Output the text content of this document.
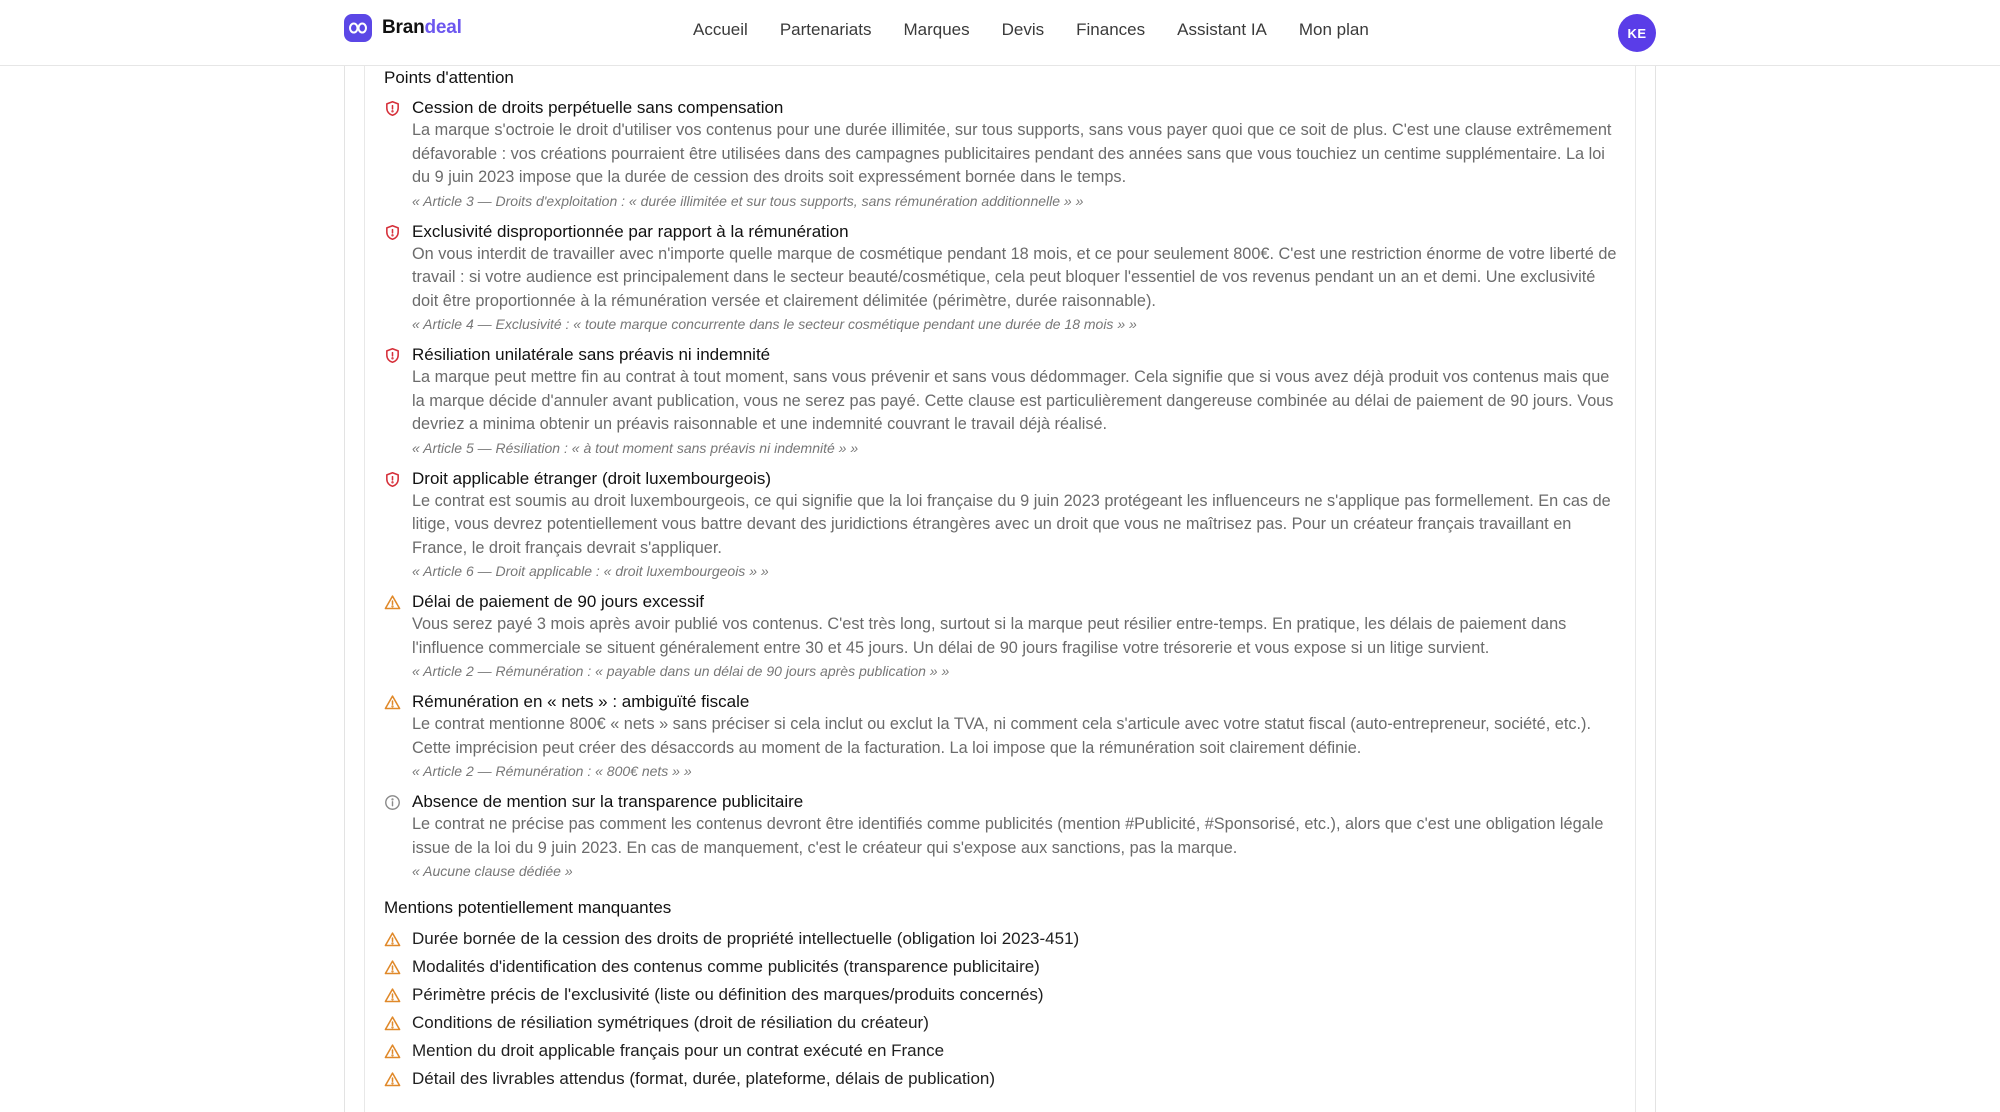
Brandeal	Accueil Partenariats Marques Devis Finances Assistant IA Mon plan	KE
Points d'attention
Cession de droits perpétuelle sans compensation
La marque s'octroie le droit d'utiliser vos contenus pour une durée illimitée, sur tous supports, sans vous payer quoi que ce soit de plus. C'est une clause extrêmement défavorable : vos créations pourraient être utilisées dans des campagnes publicitaires pendant des années sans que vous touchiez un centime supplémentaire. La loi du 9 juin 2023 impose que la durée de cession des droits soit expressément bornée dans le temps.
« Article 3 — Droits d'exploitation : « durée illimitée et sur tous supports, sans rémunération additionnelle » »
Exclusivité disproportionnée par rapport à la rémunération
On vous interdit de travailler avec n'importe quelle marque de cosmétique pendant 18 mois, et ce pour seulement 800€. C'est une restriction énorme de votre liberté de travail : si votre audience est principalement dans le secteur beauté/cosmétique, cela peut bloquer l'essentiel de vos revenus pendant un an et demi. Une exclusivité doit être proportionnée à la rémunération versée et clairement délimitée (périmètre, durée raisonnable).
« Article 4 — Exclusivité : « toute marque concurrente dans le secteur cosmétique pendant une durée de 18 mois » »
Résiliation unilatérale sans préavis ni indemnité
La marque peut mettre fin au contrat à tout moment, sans vous prévenir et sans vous dédommager. Cela signifie que si vous avez déjà produit vos contenus mais que la marque décide d'annuler avant publication, vous ne serez pas payé. Cette clause est particulièrement dangereuse combinée au délai de paiement de 90 jours. Vous devriez a minima obtenir un préavis raisonnable et une indemnité couvrant le travail déjà réalisé.
« Article 5 — Résiliation : « à tout moment sans préavis ni indemnité » »
Droit applicable étranger (droit luxembourgeois)
Le contrat est soumis au droit luxembourgeois, ce qui signifie que la loi française du 9 juin 2023 protégeant les influenceurs ne s'applique pas formellement. En cas de litige, vous devrez potentiellement vous battre devant des juridictions étrangères avec un droit que vous ne maîtrisez pas. Pour un créateur français travaillant en France, le droit français devrait s'appliquer.
« Article 6 — Droit applicable : « droit luxembourgeois » »
Délai de paiement de 90 jours excessif
Vous serez payé 3 mois après avoir publié vos contenus. C'est très long, surtout si la marque peut résilier entre-temps. En pratique, les délais de paiement dans l'influence commerciale se situent généralement entre 30 et 45 jours. Un délai de 90 jours fragilise votre trésorerie et vous expose si un litige survient.
« Article 2 — Rémunération : « payable dans un délai de 90 jours après publication » »
Rémunération en « nets » : ambiguïté fiscale
Le contrat mentionne 800€ « nets » sans préciser si cela inclut ou exclut la TVA, ni comment cela s'articule avec votre statut fiscal (auto-entrepreneur, société, etc.). Cette imprécision peut créer des désaccords au moment de la facturation. La loi impose que la rémunération soit clairement définie.
« Article 2 — Rémunération : « 800€ nets » »
Absence de mention sur la transparence publicitaire
Le contrat ne précise pas comment les contenus devront être identifiés comme publicités (mention #Publicité, #Sponsorisé, etc.), alors que c'est une obligation légale issue de la loi du 9 juin 2023. En cas de manquement, c'est le créateur qui s'expose aux sanctions, pas la marque.
« Aucune clause dédiée »
Mentions potentiellement manquantes
Durée bornée de la cession des droits de propriété intellectuelle (obligation loi 2023-451)
Modalités d'identification des contenus comme publicités (transparence publicitaire)
Périmètre précis de l'exclusivité (liste ou définition des marques/produits concernés)
Conditions de résiliation symétriques (droit de résiliation du créateur)
Mention du droit applicable français pour un contrat exécuté en France
Détail des livrables attendus (format, durée, plateforme, délais de publication)
